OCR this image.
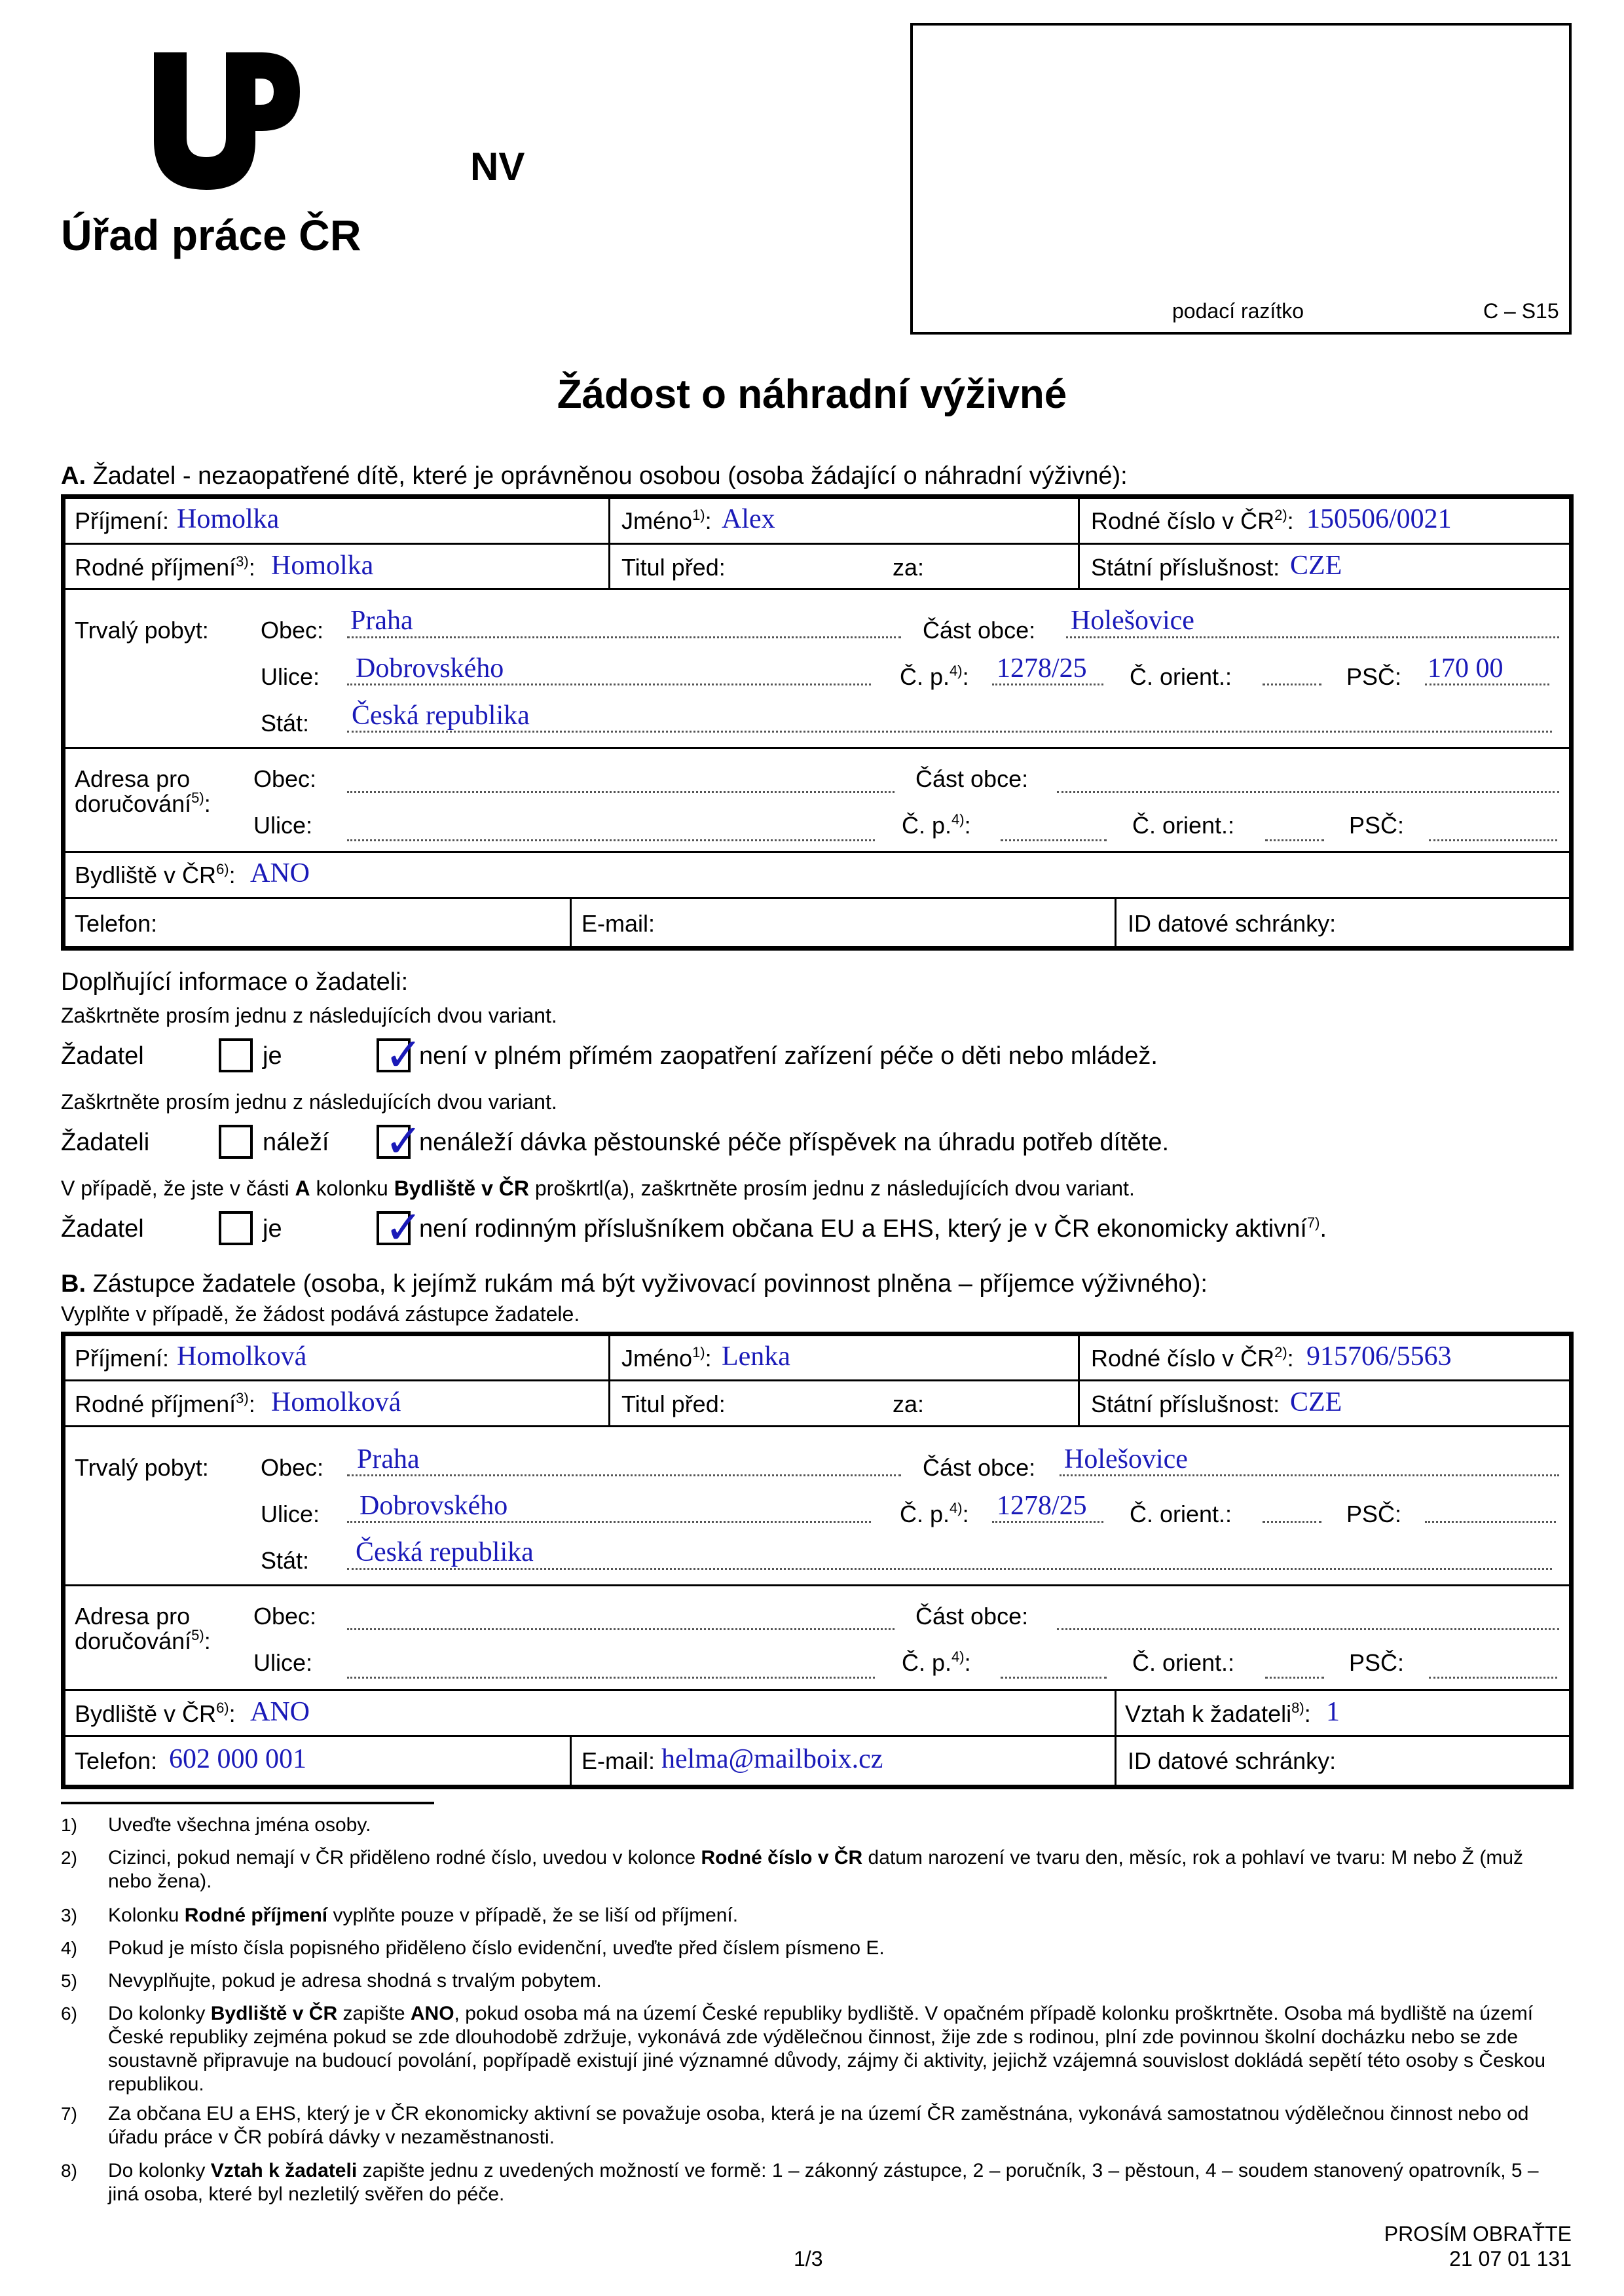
Úřad práce ČR
NV
podací razítko	C – S15
Žádost o náhradní výživné
A. Žadatel - nezaopatřené dítě, které je oprávněnou osobou (osoba žádající o náhradní výživné):
Příjmení: Homolka	Jméno$^{1)}$: Alex	Rodné číslo v ČR$^{2)}$: 150506/0021
Rodné příjmení$^{3)}$: Homolka	Titul před:	za:	Státní příslušnost: CZE
Trvalý pobyt: Obec: Praha	Část obce: Holešovice
Ulice: Dobrovského	Č. p.$^{4)}$: 1278/25 Č. orient.:	PSČ: 170 00
Stát: Česká republika
Adresa pro
doručování$^{5)}$:
Obec:	Část obce:
Ulice:	Č. p.$^{4)}$:	Č. orient.:	PSČ:
Bydliště v ČR$^{6)}$: ANO
Telefon:	E-mail:	ID datové schránky:
Doplňující informace o žadateli:
Zaškrtněte prosím jednu z následujících dvou variant.
Žadatel	je ✓
není v plném přímém zaopatření zařízení péče o děti nebo mládež.
Zaškrtněte prosím jednu z následujících dvou variant.
Žadateli	náleží ✓
nenáleží dávka pěstounské péče příspěvek na úhradu potřeb dítěte.
V případě, že jste v části A kolonku Bydliště v ČR proškrtl(a), zaškrtněte prosím jednu z následujících dvou variant.
Žadatel	je ✓
není rodinným příslušníkem občana EU a EHS, který je v ČR ekonomicky aktivní$^{7)}$.
B. Zástupce žadatele (osoba, k jejímž rukám má být vyživovací povinnost plněna – příjemce výživného):
Vyplňte v případě, že žádost podává zástupce žadatele.
Příjmení: Homolková	Jméno$^{1)}$: Lenka	Rodné číslo v ČR$^{2)}$: 915706/5563
Rodné příjmení$^{3)}$: Homolková	Titul před:	za:	Státní příslušnost: CZE
Trvalý pobyt: Obec: Praha	Část obce: Holešovice
Ulice: Dobrovského	Č. p.$^{4)}$: 1278/25 Č. orient.:	PSČ:
Stát: Česká republika
Adresa pro
doručování$^{5)}$:
Obec:	Část obce:
Ulice:	Č. p.$^{4)}$:	Č. orient.:	PSČ:
Bydliště v ČR$^{6)}$: ANO	Vztah k žadateli$^{8)}$: 1
Telefon: 602 000 001	E-mail: helma@mailboix.cz	ID datové schránky:
1) Uveďte všechna jména osoby.
2) Cizinci, pokud nemají v ČR přiděleno rodné číslo, uvedou v kolonce Rodné číslo v ČR datum narození ve tvaru den, měsíc, rok a pohlaví ve tvaru: M nebo Ž (muž nebo žena).
3) Kolonku Rodné příjmení vyplňte pouze v případě, že se liší od příjmení.
4) Pokud je místo čísla popisného přiděleno číslo evidenční, uveďte před číslem písmeno E.
5) Nevyplňujte, pokud je adresa shodná s trvalým pobytem.
6) Do kolonky Bydliště v ČR zapište ANO, pokud osoba má na území České republiky bydliště. V opačném případě kolonku proškrtněte. Osoba má bydliště na území České republiky zejména pokud se zde dlouhodobě zdržuje, vykonává zde výdělečnou činnost, žije zde s rodinou, plní zde povinnou školní docházku nebo se zde soustavně připravuje na budoucí povolání, popřípadě existují jiné významné důvody, zájmy či aktivity, jejichž vzájemná souvislost dokládá sepětí této osoby s Českou republikou.
7) Za občana EU a EHS, který je v ČR ekonomicky aktivní se považuje osoba, která je na území ČR zaměstnána, vykonává samostatnou výdělečnou činnost nebo od úřadu práce v ČR pobírá dávky v nezaměstnanosti.
8) Do kolonky Vztah k žadateli zapište jednu z uvedených možností ve formě: 1 – zákonný zástupce, 2 – poručník, 3 – pěstoun, 4 – soudem stanovený opatrovník, 5 – jiná osoba, které byl nezletilý svěřen do péče.
1/3
PROSÍM OBRAŤTE
21 07 01 131
